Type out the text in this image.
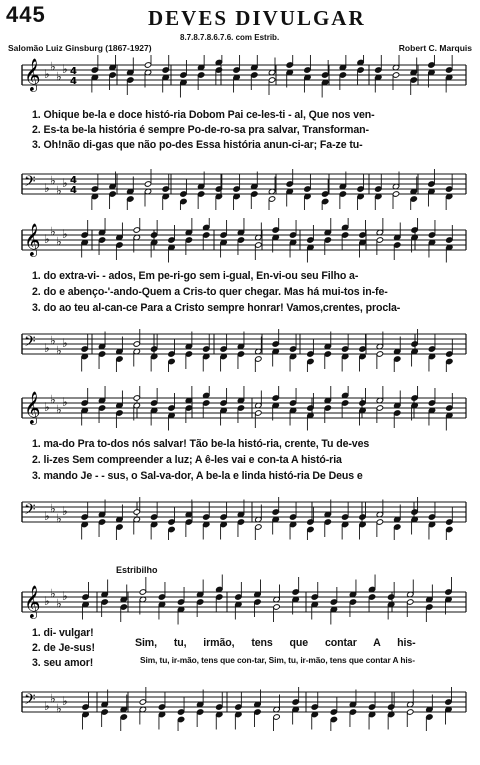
445	DEVES DIVULGAR
8.7.8.7.8.6.7.6. com Estrib.
Salomão Luiz Ginsburg (1867-1927)	Robert C. Marquis
𝄞 ♭
♭
♭
♭ 4
4
1. Ohique be-la e doce histó-ria Dobom Pai ce-les-ti - al, Que nos ven-
2. Es-ta be-la história é sempre Po-de-ro-sa pra salvar, Transforman-
3. Oh!não di-gas que não po-des Essa história anun-ci-ar; Fa-ze tu-
𝄢 ♭
♭
♭
♭ 4
4
𝄞 ♭
♭
♭
♭
1. do extra-vi- - ados, Em pe-ri-go sem i-gual, En-vi-ou seu Filho a-
2. do e abenço-'-ando-Quem a Cris-to quer chegar. Mas há mui-tos in-fe-
3. do ao teu al-can-ce Para a Cristo sempre honrar! Vamos,crentes, procla-
𝄢 ♭
♭
♭
♭
𝄞 ♭
♭
♭
♭
1. ma-do Pra to-dos nós salvar! Tão be-la histó-ria, crente, Tu de-ves
2. li-zes Sem compreender a luz; A ê-les vai e con-ta A histó-ria
3. mando Je - - sus, o Sal-va-dor, A be-la e linda histó-ria De Deus e
𝄢 ♭
♭
♭
♭
Estribilho
𝄞 ♭
♭
♭
♭
1. di- vulgar!
2. de Je-sus!
3. seu amor!
Sim, tu, irmão, tens que contar A his-
Sim, tu, ir-mão, tens que con-tar, Sim, tu, ir-mão, tens que contar A his-
𝄢 ♭
♭
♭
♭
